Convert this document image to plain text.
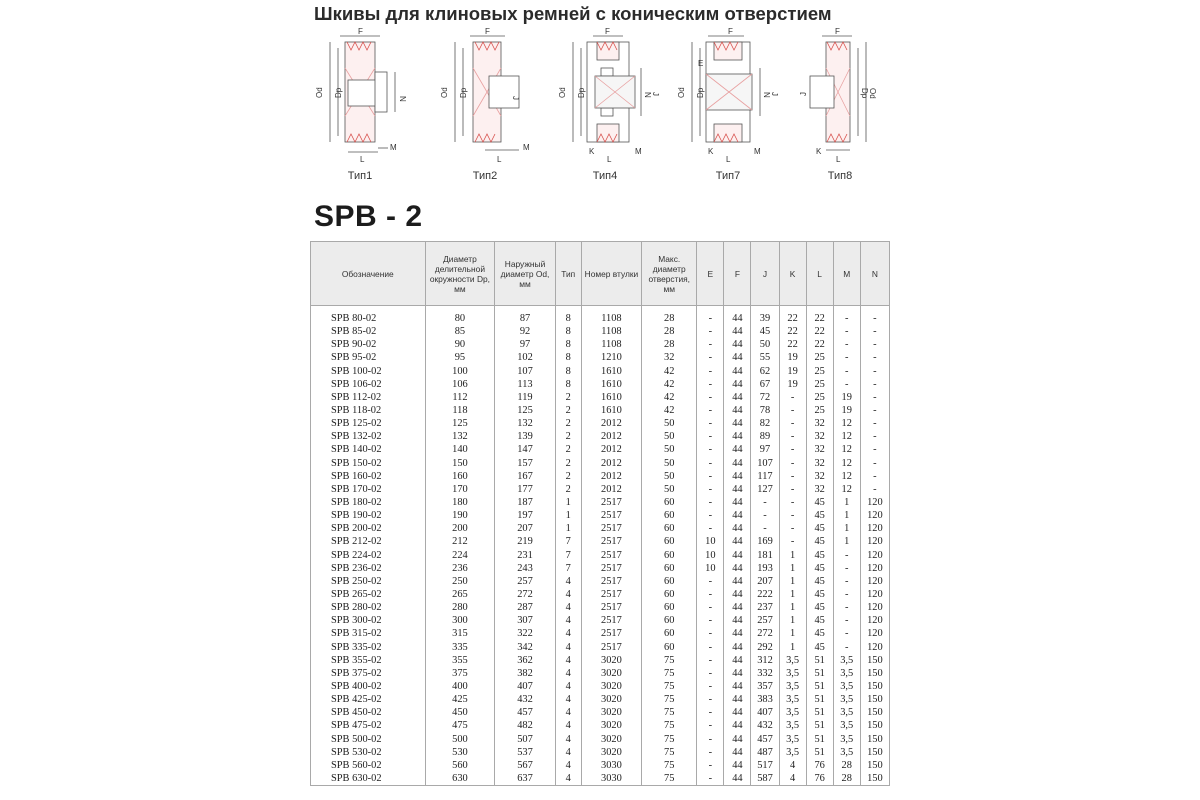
Шкивы для клиновых ремней с коническим отверстием
F
Od Dp
N
L
M
Тип1
F
Od Dp	J
L
M
Тип2
F
Od Dp	N J
K
L
M
Тип4
F
E
Od Dp	N J
K
L
M
Тип7
F
J	Dp Od
K
L
Тип8
SPB - 2
Обозначение	Диаметр делительной окружности Dp, мм	Наружный диаметр Od, мм	Тип	Номер втулки	Макс. диаметр отверстия, мм	E	F	J	K	L	M	N
SPB 80-02	80	87	8	1108	28	-	44	39	22	22	-	-
SPB 85-02	85	92	8	1108	28	-	44	45	22	22	-	-
SPB 90-02	90	97	8	1108	28	-	44	50	22	22	-	-
SPB 95-02	95	102	8	1210	32	-	44	55	19	25	-	-
SPB 100-02	100	107	8	1610	42	-	44	62	19	25	-	-
SPB 106-02	106	113	8	1610	42	-	44	67	19	25	-	-
SPB 112-02	112	119	2	1610	42	-	44	72	-	25	19	-
SPB 118-02	118	125	2	1610	42	-	44	78	-	25	19	-
SPB 125-02	125	132	2	2012	50	-	44	82	-	32	12	-
SPB 132-02	132	139	2	2012	50	-	44	89	-	32	12	-
SPB 140-02	140	147	2	2012	50	-	44	97	-	32	12	-
SPB 150-02	150	157	2	2012	50	-	44	107	-	32	12	-
SPB 160-02	160	167	2	2012	50	-	44	117	-	32	12	-
SPB 170-02	170	177	2	2012	50	-	44	127	-	32	12	-
SPB 180-02	180	187	1	2517	60	-	44	-	-	45	1	120
SPB 190-02	190	197	1	2517	60	-	44	-	-	45	1	120
SPB 200-02	200	207	1	2517	60	-	44	-	-	45	1	120
SPB 212-02	212	219	7	2517	60	10	44	169	-	45	1	120
SPB 224-02	224	231	7	2517	60	10	44	181	1	45	-	120
SPB 236-02	236	243	7	2517	60	10	44	193	1	45	-	120
SPB 250-02	250	257	4	2517	60	-	44	207	1	45	-	120
SPB 265-02	265	272	4	2517	60	-	44	222	1	45	-	120
SPB 280-02	280	287	4	2517	60	-	44	237	1	45	-	120
SPB 300-02	300	307	4	2517	60	-	44	257	1	45	-	120
SPB 315-02	315	322	4	2517	60	-	44	272	1	45	-	120
SPB 335-02	335	342	4	2517	60	-	44	292	1	45	-	120
SPB 355-02	355	362	4	3020	75	-	44	312	3,5	51	3,5	150
SPB 375-02	375	382	4	3020	75	-	44	332	3,5	51	3,5	150
SPB 400-02	400	407	4	3020	75	-	44	357	3,5	51	3,5	150
SPB 425-02	425	432	4	3020	75	-	44	383	3,5	51	3,5	150
SPB 450-02	450	457	4	3020	75	-	44	407	3,5	51	3,5	150
SPB 475-02	475	482	4	3020	75	-	44	432	3,5	51	3,5	150
SPB 500-02	500	507	4	3020	75	-	44	457	3,5	51	3,5	150
SPB 530-02	530	537	4	3020	75	-	44	487	3,5	51	3,5	150
SPB 560-02	560	567	4	3030	75	-	44	517	4	76	28	150
SPB 630-02	630	637	4	3030	75	-	44	587	4	76	28	150
